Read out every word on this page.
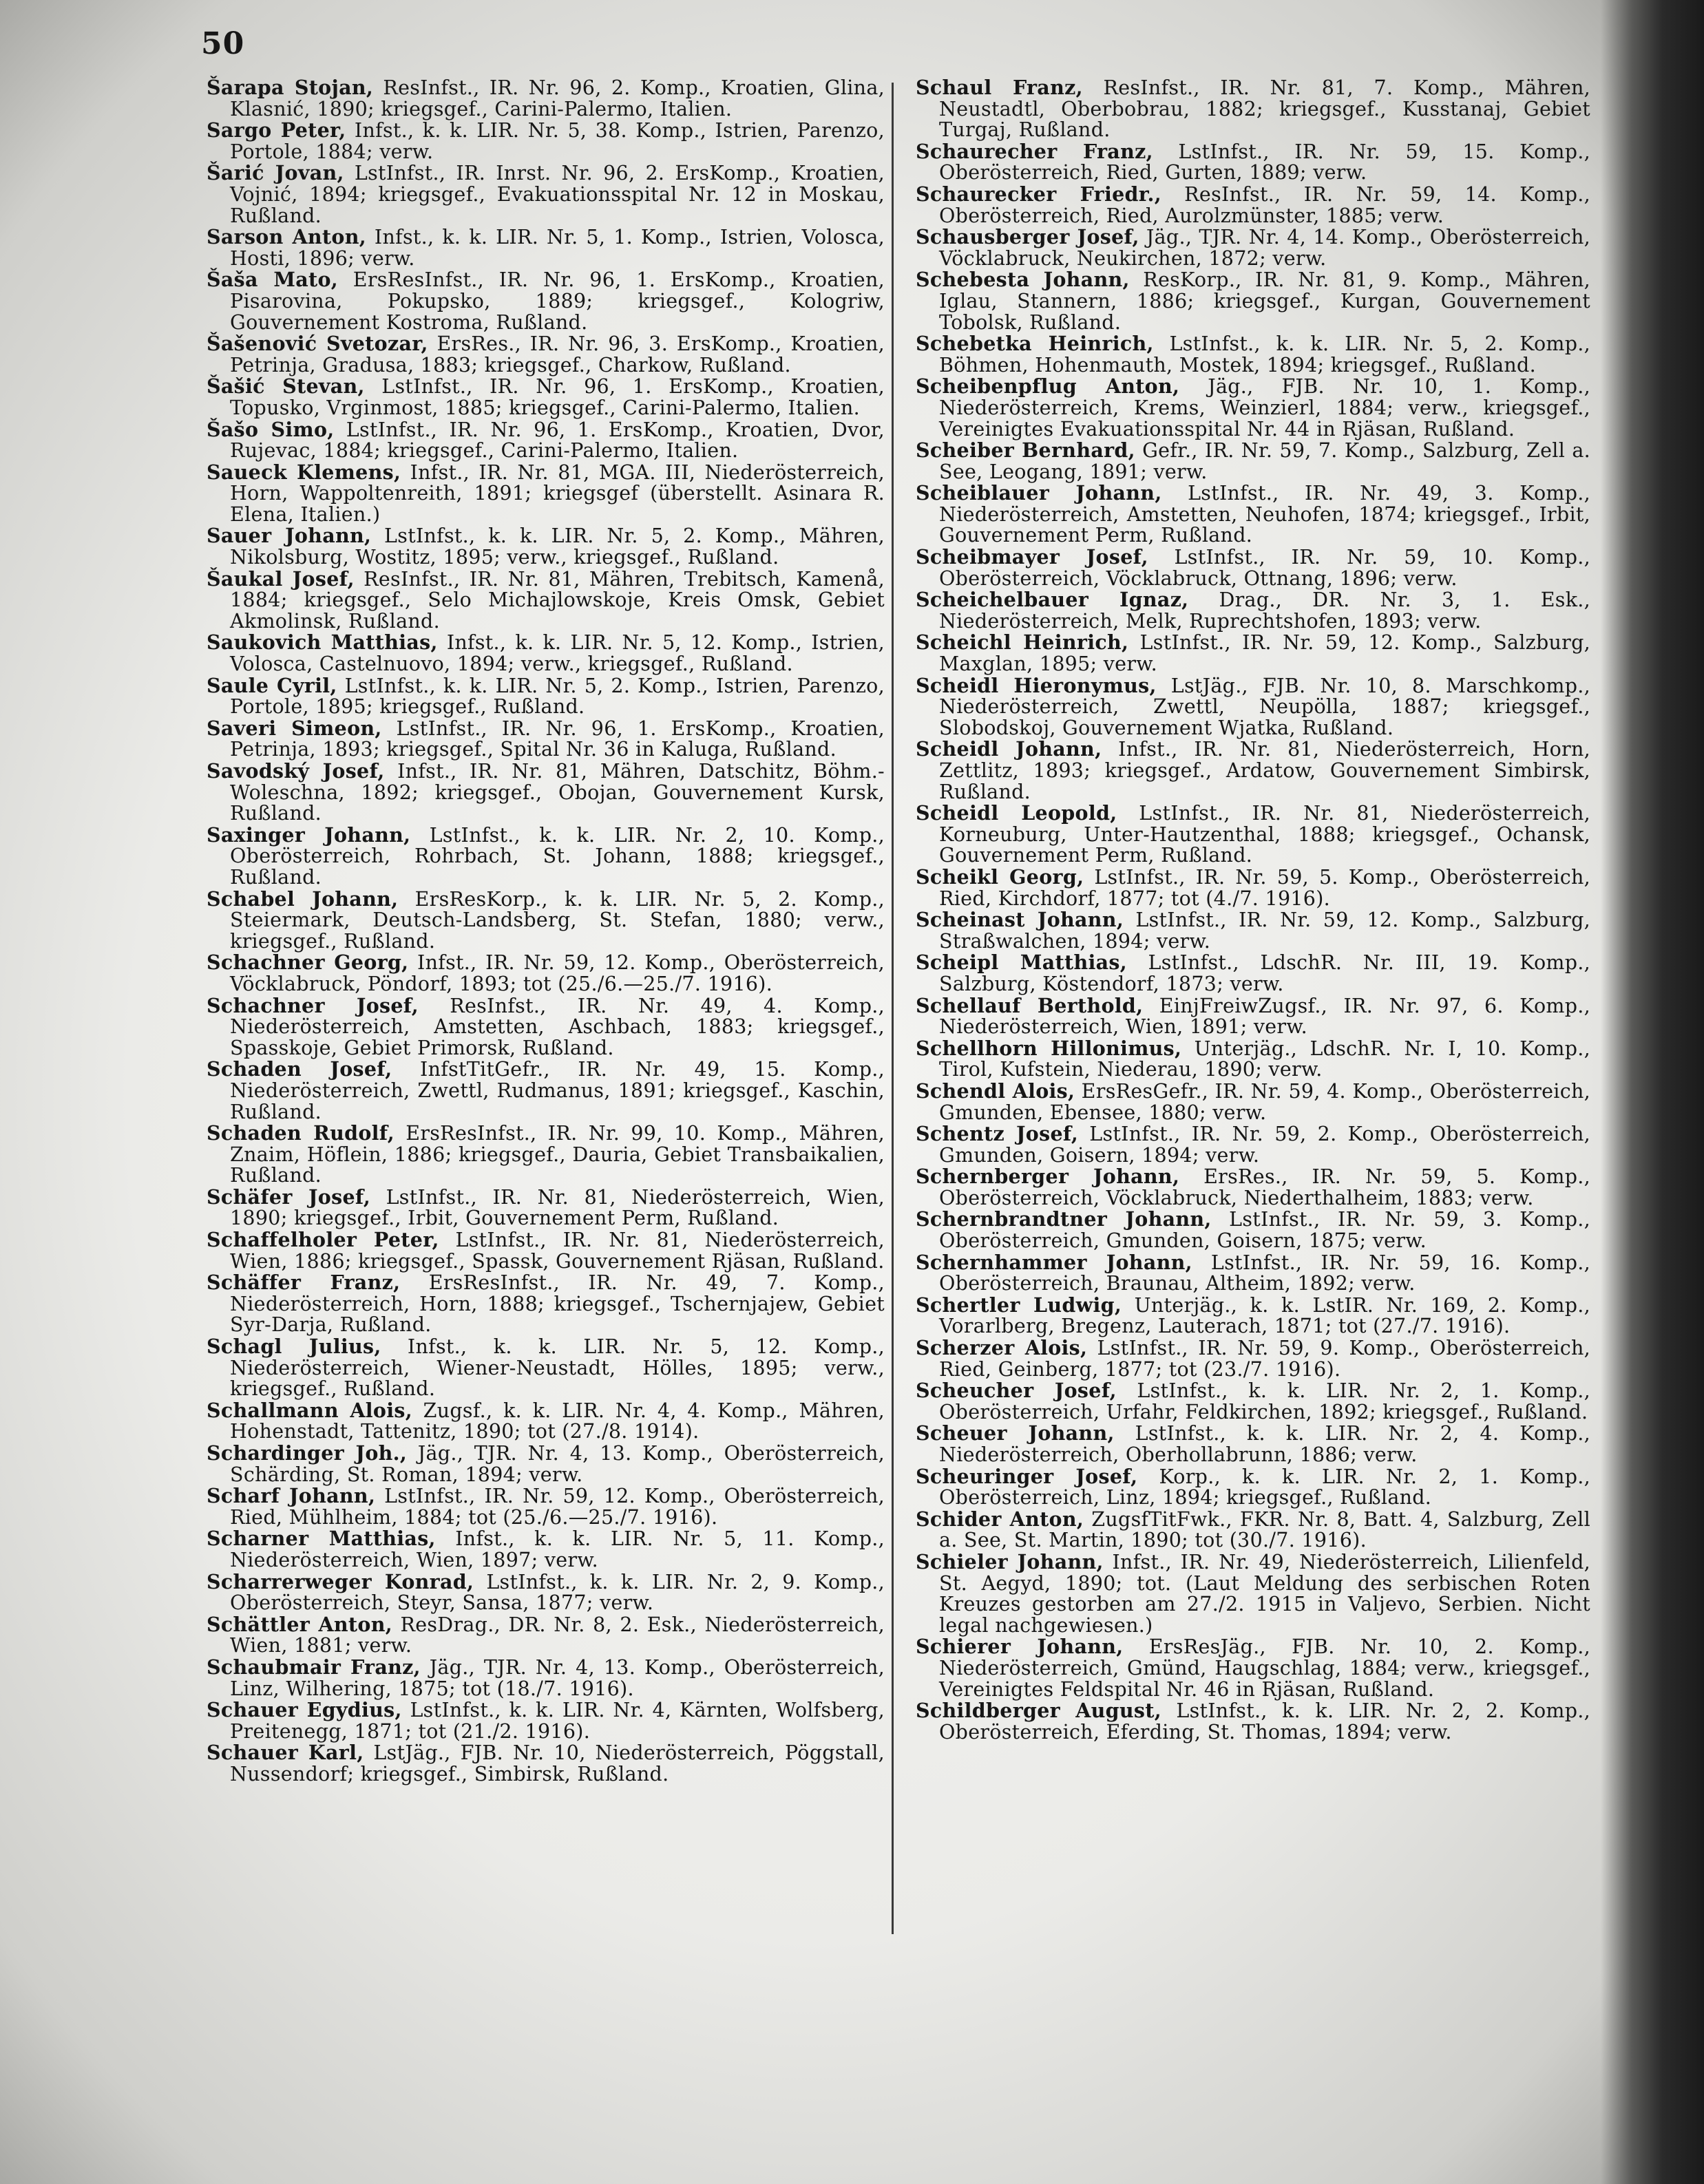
50

Šarapa Stojan, ResInfst., IR. Nr. 96, 2. Komp., Kroatien, Glina, Klasnić, 1890; kriegsgef., Carini-Palermo, Italien.

Sargo Peter, Infst., k. k. LIR. Nr. 5, 38. Komp., Istrien, Parenzo, Portole, 1884; verw.

Šarić Jovan, LstInfst., IR. Inrst. Nr. 96, 2. ErsKomp., Kroatien, Vojnić, 1894; kriegsgef., Evakuationsspital Nr. 12 in Moskau, Rußland.

Sarson Anton, Infst., k. k. LIR. Nr. 5, 1. Komp., Istrien, Volosca, Hosti, 1896; verw.

Šaša Mato, ErsResInfst., IR. Nr. 96, 1. ErsKomp., Kroatien, Pisarovina, Pokupsko, 1889; kriegsgef., Kologriw, Gouvernement Kostroma, Rußland.

Šašenović Svetozar, ErsRes., IR. Nr. 96, 3. ErsKomp., Kroatien, Petrinja, Gradusa, 1883; kriegsgef., Charkow, Rußland.

Šašić Stevan, LstInfst., IR. Nr. 96, 1. ErsKomp., Kroatien, Topusko, Vrginmost, 1885; kriegsgef., Carini-Palermo, Italien.

Šašo Simo, LstInfst., IR. Nr. 96, 1. ErsKomp., Kroatien, Dvor, Rujevac, 1884; kriegsgef., Carini-Palermo, Italien.

Saueck Klemens, Infst., IR. Nr. 81, MGA. III, Niederösterreich, Horn, Wappoltenreith, 1891; kriegsgef (überstellt. Asinara R. Elena, Italien.)

Sauer Johann, LstInfst., k. k. LIR. Nr. 5, 2. Komp., Mähren, Nikolsburg, Wostitz, 1895; verw., kriegsgef., Rußland.

Šaukal Josef, ResInfst., IR. Nr. 81, Mähren, Trebitsch, Kamenå, 1884; kriegsgef., Selo Michajlowskoje, Kreis Omsk, Gebiet Akmolinsk, Rußland.

Saukovich Matthias, Infst., k. k. LIR. Nr. 5, 12. Komp., Istrien, Volosca, Castelnuovo, 1894; verw., kriegsgef., Rußland.

Saule Cyril, LstInfst., k. k. LIR. Nr. 5, 2. Komp., Istrien, Parenzo, Portole, 1895; kriegsgef., Rußland.

Saveri Simeon, LstInfst., IR. Nr. 96, 1. ErsKomp., Kroatien, Petrinja, 1893; kriegsgef., Spital Nr. 36 in Kaluga, Rußland.

Savodský Josef, Infst., IR. Nr. 81, Mähren, Datschitz, Böhm.-Woleschna, 1892; kriegsgef., Obojan, Gouvernement Kursk, Rußland.

Saxinger Johann, LstInfst., k. k. LIR. Nr. 2, 10. Komp., Oberösterreich, Rohrbach, St. Johann, 1888; kriegsgef., Rußland.

Schabel Johann, ErsResKorp., k. k. LIR. Nr. 5, 2. Komp., Steiermark, Deutsch-Landsberg, St. Stefan, 1880; verw., kriegsgef., Rußland.

Schachner Georg, Infst., IR. Nr. 59, 12. Komp., Oberösterreich, Vöcklabruck, Pöndorf, 1893; tot (25./6.—25./7. 1916).

Schachner Josef, ResInfst., IR. Nr. 49, 4. Komp., Niederösterreich, Amstetten, Aschbach, 1883; kriegsgef., Spasskoje, Gebiet Primorsk, Rußland.

Schaden Josef, InfstTitGefr., IR. Nr. 49, 15. Komp., Niederösterreich, Zwettl, Rudmanus, 1891; kriegsgef., Kaschin, Rußland.

Schaden Rudolf, ErsResInfst., IR. Nr. 99, 10. Komp., Mähren, Znaim, Höflein, 1886; kriegsgef., Dauria, Gebiet Transbaikalien, Rußland.

Schäfer Josef, LstInfst., IR. Nr. 81, Niederösterreich, Wien, 1890; kriegsgef., Irbit, Gouvernement Perm, Rußland.

Schaffelholer Peter, LstInfst., IR. Nr. 81, Niederösterreich, Wien, 1886; kriegsgef., Spassk, Gouvernement Rjäsan, Rußland.

Schäffer Franz, ErsResInfst., IR. Nr. 49, 7. Komp., Niederösterreich, Horn, 1888; kriegsgef., Tschernjajew, Gebiet Syr-Darja, Rußland.

Schagl Julius, Infst., k. k. LIR. Nr. 5, 12. Komp., Niederösterreich, Wiener-Neustadt, Hölles, 1895; verw., kriegsgef., Rußland.

Schallmann Alois, Zugsf., k. k. LIR. Nr. 4, 4. Komp., Mähren, Hohenstadt, Tattenitz, 1890; tot (27./8. 1914).

Schardinger Joh., Jäg., TJR. Nr. 4, 13. Komp., Oberösterreich, Schärding, St. Roman, 1894; verw.

Scharf Johann, LstInfst., IR. Nr. 59, 12. Komp., Oberösterreich, Ried, Mühlheim, 1884; tot (25./6.—25./7. 1916).

Scharner Matthias, Infst., k. k. LIR. Nr. 5, 11. Komp., Niederösterreich, Wien, 1897; verw.

Scharrerweger Konrad, LstInfst., k. k. LIR. Nr. 2, 9. Komp., Oberösterreich, Steyr, Sansa, 1877; verw.

Schättler Anton, ResDrag., DR. Nr. 8, 2. Esk., Niederösterreich, Wien, 1881; verw.

Schaubmair Franz, Jäg., TJR. Nr. 4, 13. Komp., Oberösterreich, Linz, Wilhering, 1875; tot (18./7. 1916).

Schauer Egydius, LstInfst., k. k. LIR. Nr. 4, Kärnten, Wolfsberg, Preitenegg, 1871; tot (21./2. 1916).

Schauer Karl, LstJäg., FJB. Nr. 10, Niederösterreich, Pöggstall, Nussendorf; kriegsgef., Simbirsk, Rußland.

Schaul Franz, ResInfst., IR. Nr. 81, 7. Komp., Mähren, Neustadtl, Oberbobrau, 1882; kriegsgef., Kusstanaj, Gebiet Turgaj, Rußland.

Schaurecher Franz, LstInfst., IR. Nr. 59, 15. Komp., Oberösterreich, Ried, Gurten, 1889; verw.

Schaurecker Friedr., ResInfst., IR. Nr. 59, 14. Komp., Oberösterreich, Ried, Aurolzmünster, 1885; verw.

Schausberger Josef, Jäg., TJR. Nr. 4, 14. Komp., Oberösterreich, Vöcklabruck, Neukirchen, 1872; verw.

Schebesta Johann, ResKorp., IR. Nr. 81, 9. Komp., Mähren, Iglau, Stannern, 1886; kriegsgef., Kurgan, Gouvernement Tobolsk, Rußland.

Schebetka Heinrich, LstInfst., k. k. LIR. Nr. 5, 2. Komp., Böhmen, Hohenmauth, Mostek, 1894; kriegsgef., Rußland.

Scheibenpflug Anton, Jäg., FJB. Nr. 10, 1. Komp., Niederösterreich, Krems, Weinzierl, 1884; verw., kriegsgef., Vereinigtes Evakuationsspital Nr. 44 in Rjäsan, Rußland.

Scheiber Bernhard, Gefr., IR. Nr. 59, 7. Komp., Salzburg, Zell a. See, Leogang, 1891; verw.

Scheiblauer Johann, LstInfst., IR. Nr. 49, 3. Komp., Niederösterreich, Amstetten, Neuhofen, 1874; kriegsgef., Irbit, Gouvernement Perm, Rußland.

Scheibmayer Josef, LstInfst., IR. Nr. 59, 10. Komp., Oberösterreich, Vöcklabruck, Ottnang, 1896; verw.

Scheichelbauer Ignaz, Drag., DR. Nr. 3, 1. Esk., Niederösterreich, Melk, Ruprechtshofen, 1893; verw.

Scheichl Heinrich, LstInfst., IR. Nr. 59, 12. Komp., Salzburg, Maxglan, 1895; verw.

Scheidl Hieronymus, LstJäg., FJB. Nr. 10, 8. Marschkomp., Niederösterreich, Zwettl, Neupölla, 1887; kriegsgef., Slobodskoj, Gouvernement Wjatka, Rußland.

Scheidl Johann, Infst., IR. Nr. 81, Niederösterreich, Horn, Zettlitz, 1893; kriegsgef., Ardatow, Gouvernement Simbirsk, Rußland.

Scheidl Leopold, LstInfst., IR. Nr. 81, Niederösterreich, Korneuburg, Unter-Hautzenthal, 1888; kriegsgef., Ochansk, Gouvernement Perm, Rußland.

Scheikl Georg, LstInfst., IR. Nr. 59, 5. Komp., Oberösterreich, Ried, Kirchdorf, 1877; tot (4./7. 1916).

Scheinast Johann, LstInfst., IR. Nr. 59, 12. Komp., Salzburg, Straßwalchen, 1894; verw.

Scheipl Matthias, LstInfst., LdschR. Nr. III, 19. Komp., Salzburg, Köstendorf, 1873; verw.

Schellauf Berthold, EinjFreiwZugsf., IR. Nr. 97, 6. Komp., Niederösterreich, Wien, 1891; verw.

Schellhorn Hillonimus, Unterjäg., LdschR. Nr. I, 10. Komp., Tirol, Kufstein, Niederau, 1890; verw.

Schendl Alois, ErsResGefr., IR. Nr. 59, 4. Komp., Oberösterreich, Gmunden, Ebensee, 1880; verw.

Schentz Josef, LstInfst., IR. Nr. 59, 2. Komp., Oberösterreich, Gmunden, Goisern, 1894; verw.

Schernberger Johann, ErsRes., IR. Nr. 59, 5. Komp., Oberösterreich, Vöcklabruck, Niederthalheim, 1883; verw.

Schernbrandtner Johann, LstInfst., IR. Nr. 59, 3. Komp., Oberösterreich, Gmunden, Goisern, 1875; verw.

Schernhammer Johann, LstInfst., IR. Nr. 59, 16. Komp., Oberösterreich, Braunau, Altheim, 1892; verw.

Schertler Ludwig, Unterjäg., k. k. LstIR. Nr. 169, 2. Komp., Vorarlberg, Bregenz, Lauterach, 1871; tot (27./7. 1916).

Scherzer Alois, LstInfst., IR. Nr. 59, 9. Komp., Oberösterreich, Ried, Geinberg, 1877; tot (23./7. 1916).

Scheucher Josef, LstInfst., k. k. LIR. Nr. 2, 1. Komp., Oberösterreich, Urfahr, Feldkirchen, 1892; kriegsgef., Rußland.

Scheuer Johann, LstInfst., k. k. LIR. Nr. 2, 4. Komp., Niederösterreich, Oberhollabrunn, 1886; verw.

Scheuringer Josef, Korp., k. k. LIR. Nr. 2, 1. Komp., Oberösterreich, Linz, 1894; kriegsgef., Rußland.

Schider Anton, ZugsfTitFwk., FKR. Nr. 8, Batt. 4, Salzburg, Zell a. See, St. Martin, 1890; tot (30./7. 1916).

Schieler Johann, Infst., IR. Nr. 49, Niederösterreich, Lilienfeld, St. Aegyd, 1890; tot. (Laut Meldung des serbischen Roten Kreuzes gestorben am 27./2. 1915 in Valjevo, Serbien. Nicht legal nachgewiesen.)

Schierer Johann, ErsResJäg., FJB. Nr. 10, 2. Komp., Niederösterreich, Gmünd, Haugschlag, 1884; verw., kriegsgef., Vereinigtes Feldspital Nr. 46 in Rjäsan, Rußland.

Schildberger August, LstInfst., k. k. LIR. Nr. 2, 2. Komp., Oberösterreich, Eferding, St. Thomas, 1894; verw.
